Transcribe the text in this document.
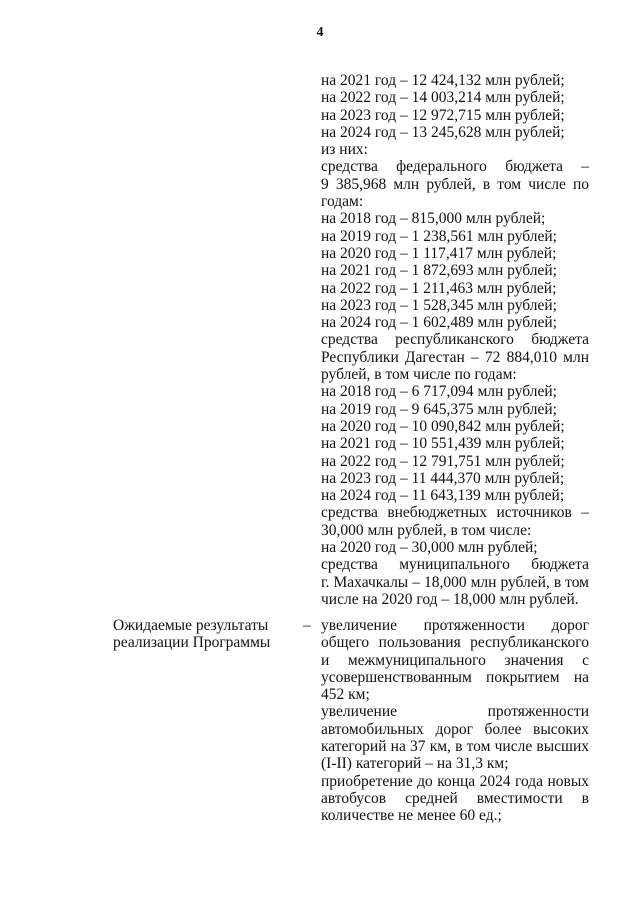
4
на 2021 год – 12 424,132 млн рублей;
на 2022 год – 14 003,214 млн рублей;
на 2023 год – 12 972,715 млн рублей;
на 2024 год – 13 245,628 млн рублей;
из них:
средства федерального бюджета –
9 385,968 млн рублей, в том числе по
годам:
на 2018 год – 815,000 млн рублей;
на 2019 год – 1 238,561 млн рублей;
на 2020 год – 1 117,417 млн рублей;
на 2021 год – 1 872,693 млн рублей;
на 2022 год – 1 211,463 млн рублей;
на 2023 год – 1 528,345 млн рублей;
на 2024 год – 1 602,489 млн рублей;
средства республиканского бюджета
Республики Дагестан – 72 884,010 млн
рублей, в том числе по годам:
на 2018 год – 6 717,094 млн рублей;
на 2019 год – 9 645,375 млн рублей;
на 2020 год – 10 090,842 млн рублей;
на 2021 год – 10 551,439 млн рублей;
на 2022 год – 12 791,751 млн рублей;
на 2023 год – 11 444,370 млн рублей;
на 2024 год – 11 643,139 млн рублей;
средства внебюджетных источников –
30,000 млн рублей, в том числе:
на 2020 год – 30,000 млн рублей;
средства муниципального бюджета
г. Махачкалы – 18,000 млн рублей, в том
числе на 2020 год – 18,000 млн рублей.
Ожидаемые результаты
реализации Программы
– увеличение протяженности дорог общего пользования республиканского и межмуниципального значения с усовершенствованным покрытием на 452 км;
увеличение протяженности автомобильных дорог более высоких категорий на 37 км, в том числе высших (I-II) категорий – на 31,3 км;
приобретение до конца 2024 года новых автобусов средней вместимости в количестве не менее 60 ед.;
